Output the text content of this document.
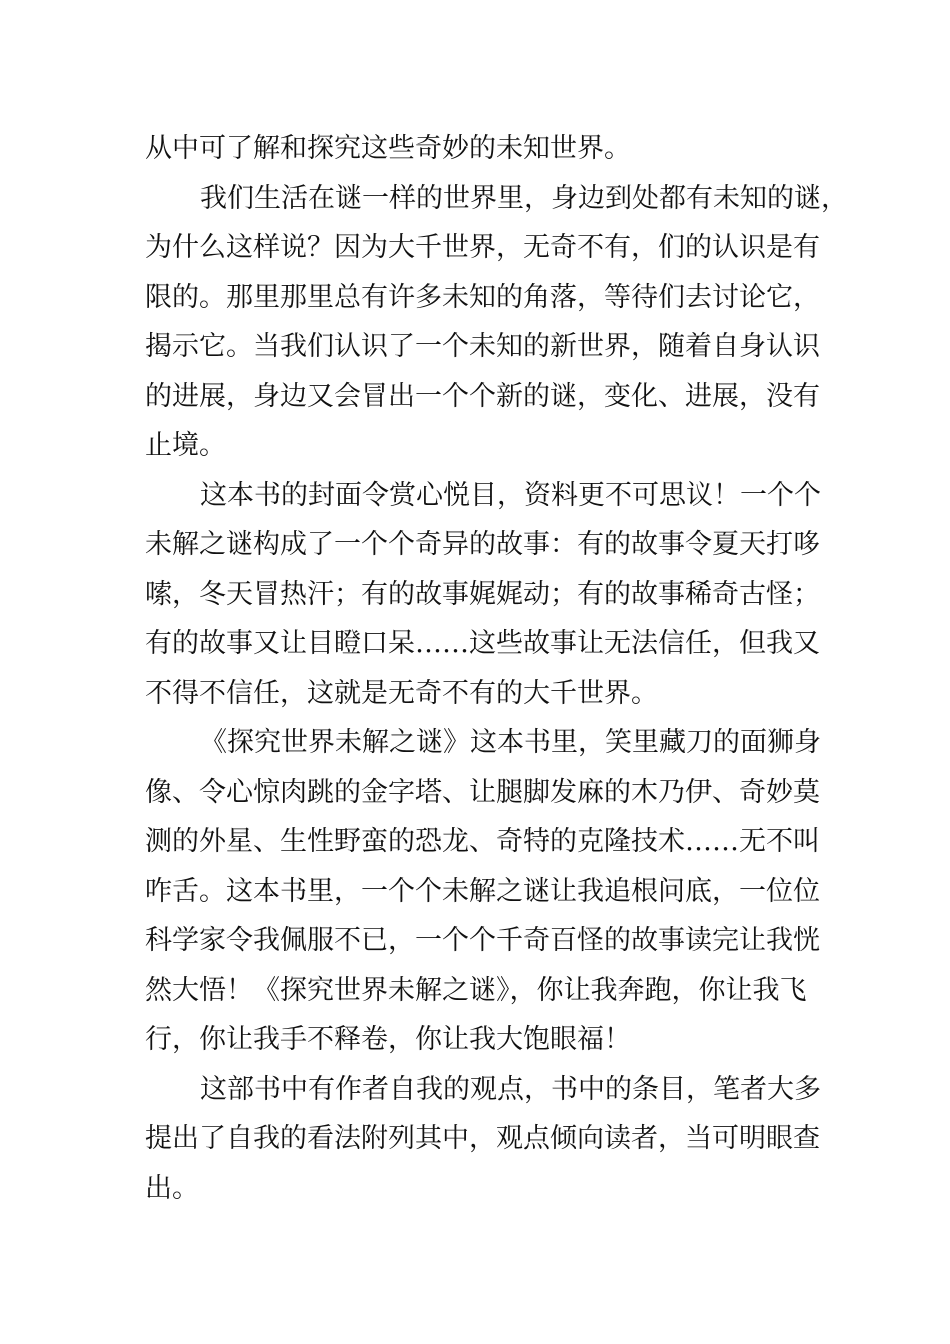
从中可了解和探究这些奇妙的未知世界。
我们生活在谜一样的世界里，身边到处都有未知的谜，
为什么这样说？因为大千世界，无奇不有，们的认识是有
限的。那里那里总有许多未知的角落，等待们去讨论它，
揭示它。当我们认识了一个未知的新世界，随着自身认识
的进展，身边又会冒出一个个新的谜，变化、进展，没有
止境。
这本书的封面令赏心悦目，资料更不可思议！一个个
未解之谜构成了一个个奇异的故事：有的故事令夏天打哆
嗦，冬天冒热汗；有的故事娓娓动；有的故事稀奇古怪；
有的故事又让目瞪口呆……这些故事让无法信任，但我又
不得不信任，这就是无奇不有的大千世界。
《探究世界未解之谜》这本书里，笑里藏刀的面狮身
像、令心惊肉跳的金字塔、让腿脚发麻的木乃伊、奇妙莫
测的外星、生性野蛮的恐龙、奇特的克隆技术……无不叫
咋舌。这本书里，一个个未解之谜让我追根问底，一位位
科学家令我佩服不已，一个个千奇百怪的故事读完让我恍
然大悟！《探究世界未解之谜》，你让我奔跑，你让我飞
行，你让我手不释卷，你让我大饱眼福！
这部书中有作者自我的观点，书中的条目，笔者大多
提出了自我的看法附列其中，观点倾向读者，当可明眼查
出。
